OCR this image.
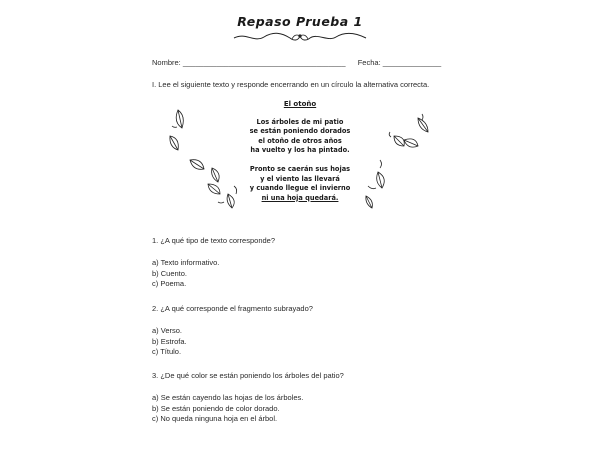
Repaso Prueba 1
Nombre: _______________________________________ Fecha: ______________
I. Lee el siguiente texto y responde encerrando en un círculo la alternativa correcta.
El otoño
Los árboles de mi patio
se están poniendo dorados
el otoño de otros años
ha vuelto y los ha pintado.
Pronto se caerán sus hojas
y el viento las llevará
y cuando llegue el invierno
ni una hoja quedará.
1. ¿A qué tipo de texto corresponde?
a) Texto informativo.
b) Cuento.
c) Poema.
2. ¿A qué corresponde el fragmento subrayado?
a) Verso.
b) Estrofa.
c) Título.
3. ¿De qué color se están poniendo los árboles del patio?
a) Se están cayendo las hojas de los árboles.
b) Se están poniendo de color dorado.
c) No queda ninguna hoja en el árbol.
